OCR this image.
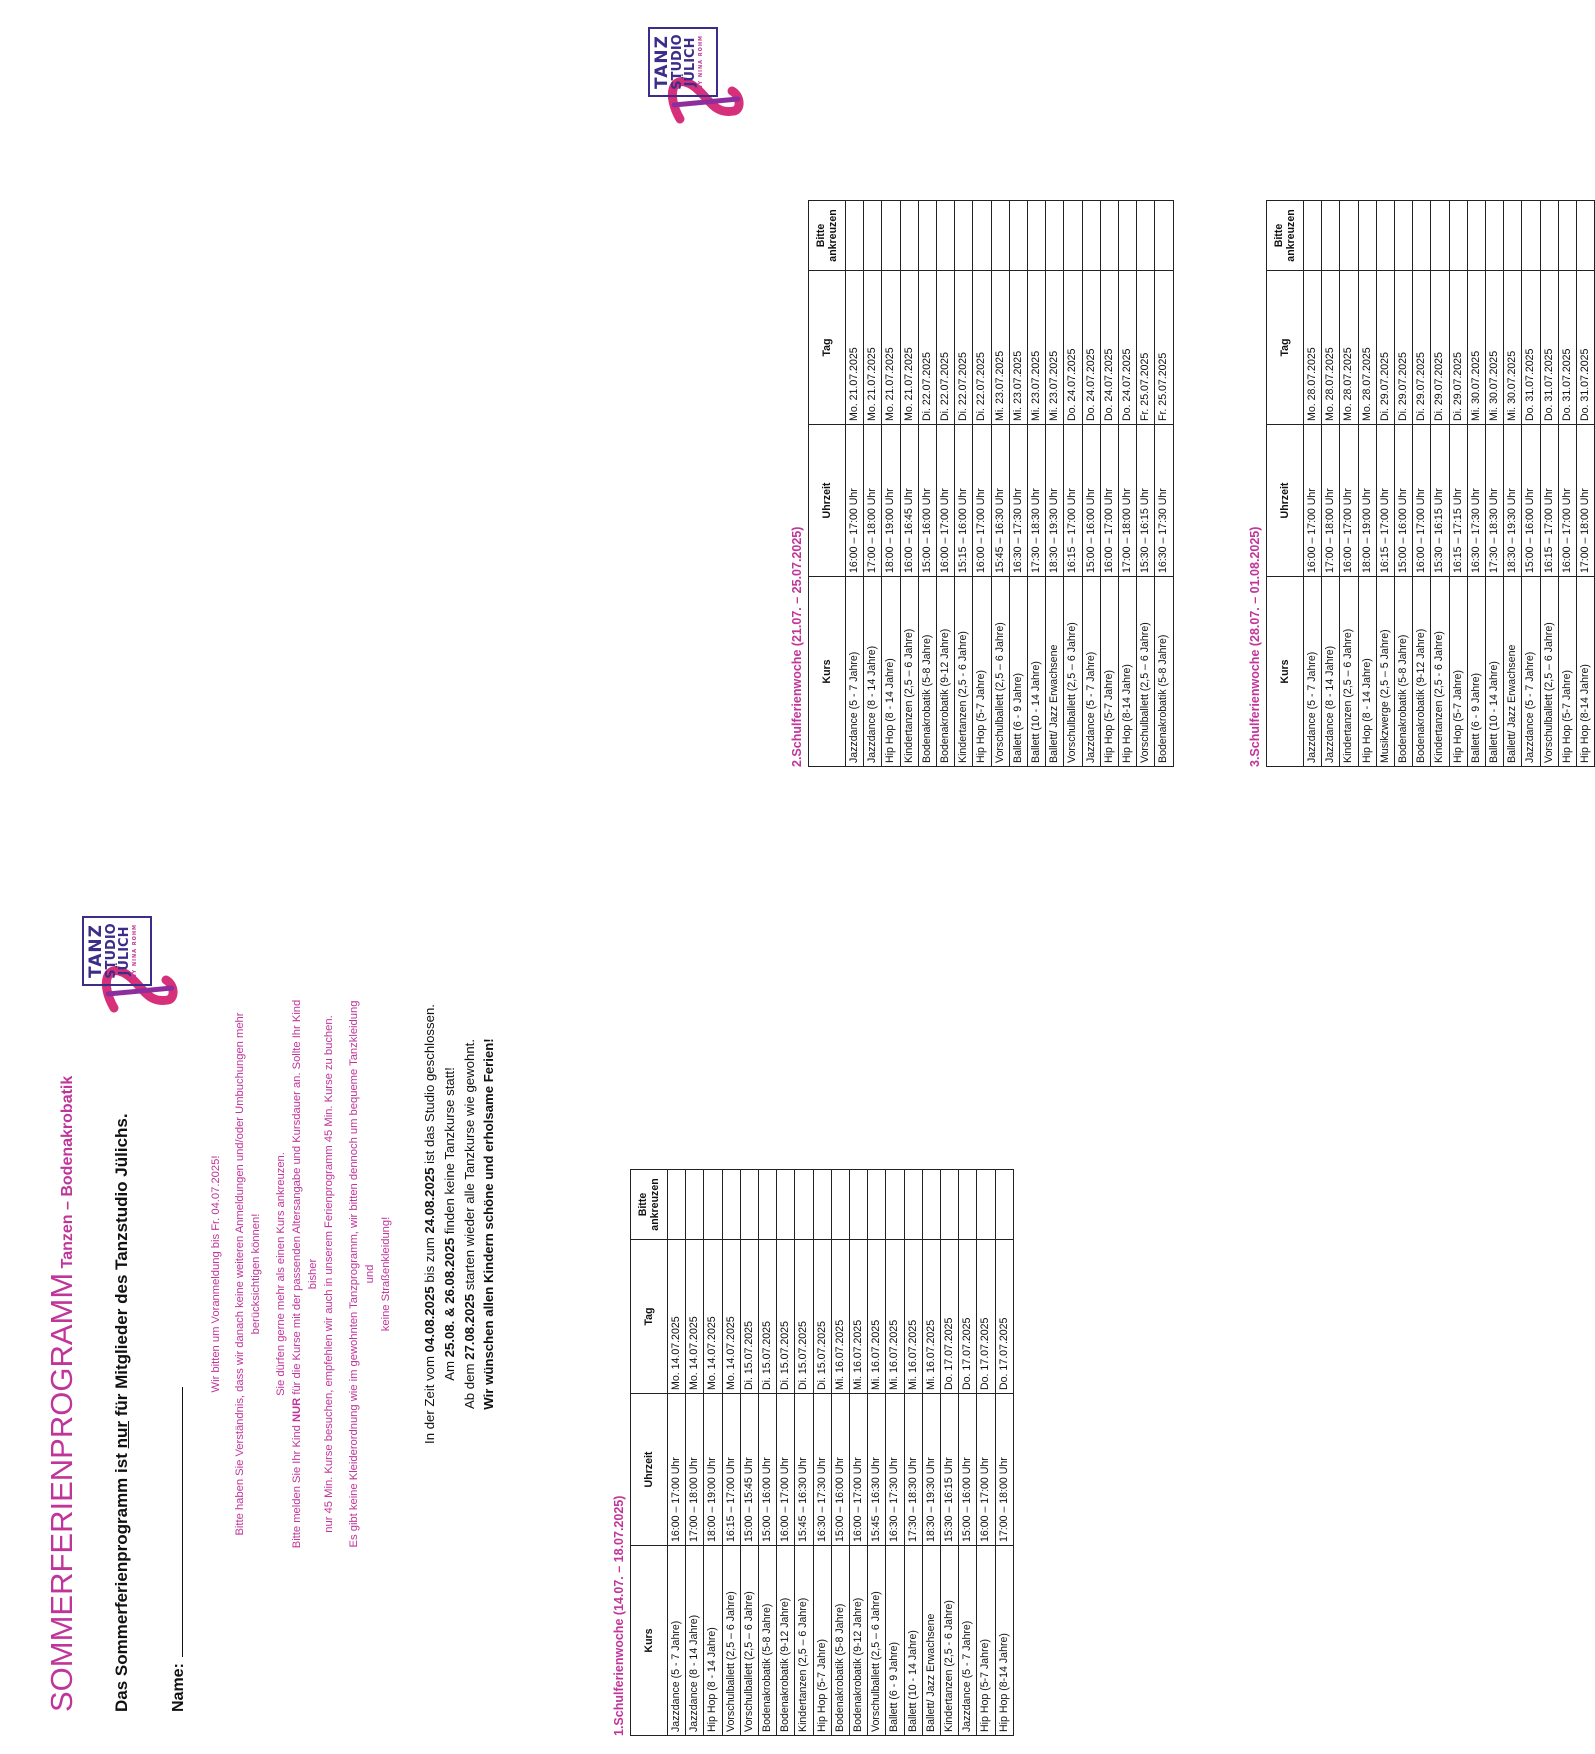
TANZ
STUDIO
JÜLICH BY NINA ROHM
SOMMERFERIENPROGRAMM Tanzen – Bodenakrobatik
Das Sommerferienprogramm ist nur für Mitglieder des Tanzstudio Jülichs.
Name:

Wir bitten um Voranmeldung bis Fr. 04.07.2025! Bitte haben Sie Verständnis, dass wir danach keine weiteren Anmeldungen und/oder Umbuchungen mehr berücksichtigen können! Sie dürfen gerne mehr als einen Kurs ankreuzen.

Bitte melden Sie Ihr Kind NUR für die Kurse mit der passenden Altersangabe und Kursdauer an. Sollte Ihr Kind bisher nur 45 Min. Kurse besuchen, empfehlen wir auch in unserem Ferienprogramm 45 Min. Kurse zu buchen. Es gibt keine Kleiderordnung wie im gewohnten Tanzprogramm, wir bitten dennoch um bequeme Tanzkleidung und keine Straßenkleidung!

In der Zeit vom 04.08.2025 bis zum 24.08.2025 ist das Studio geschlossen.
Am 25.08. & 26.08.2025 finden keine Tanzkurse statt!
Ab dem 27.08.2025 starten wieder alle Tanzkurse wie gewohnt. Wir wünschen allen Kindern schöne und erholsame Ferien!
1.Schulferienwoche (14.07. – 18.07.2025) Kurs	Uhrzeit	Tag	Bitte
ankreuzen
Jazzdance (5 - 7 Jahre)	16:00 – 17:00 Uhr	Mo. 14.07.2025	
Jazzdance (8 - 14 Jahre)	17:00 – 18:00 Uhr	Mo. 14.07.2025	
Hip Hop (8 - 14 Jahre)	18:00 – 19:00 Uhr	Mo. 14.07.2025	
Vorschulballett (2,5 – 6 Jahre)	16:15 – 17:00 Uhr	Mo. 14.07.2025	
Vorschulballett (2,5 – 6 Jahre)	15:00 – 15:45 Uhr	Di. 15.07.2025	
Bodenakrobatik (5-8 Jahre)	15:00 – 16:00 Uhr	Di. 15.07.2025	
Bodenakrobatik (9-12 Jahre)	16:00 – 17:00 Uhr	Di. 15.07.2025	
Kindertanzen (2,5 – 6 Jahre)	15:45 – 16:30 Uhr	Di. 15.07.2025	
Hip Hop (5-7 Jahre)	16:30 – 17:30 Uhr	Di. 15.07.2025	
Bodenakrobatik (5-8 Jahre)	15:00 – 16:00 Uhr	Mi. 16.07.2025	
Bodenakrobatik (9-12 Jahre)	16:00 – 17:00 Uhr	Mi. 16.07.2025	
Vorschulballett (2,5 – 6 Jahre)	15:45 – 16:30 Uhr	Mi. 16.07.2025	
Ballett (6 - 9 Jahre)	16:30 – 17:30 Uhr	Mi. 16.07.2025	
Ballett (10 - 14 Jahre)	17:30 – 18:30 Uhr	Mi. 16.07.2025	
Ballett/ Jazz Erwachsene	18:30 – 19:30 Uhr	Mi. 16.07.2025	
Kindertanzen (2,5 - 6 Jahre)	15:30 – 16:15 Uhr	Do. 17.07.2025	
Jazzdance (5 - 7 Jahre)	15:00 – 16:00 Uhr	Do. 17.07.2025	
Hip Hop (5-7 Jahre)	16:00 – 17:00 Uhr	Do. 17.07.2025	
Hip Hop (8-14 Jahre)	17:00 – 18:00 Uhr	Do. 17.07.2025	
TANZ
STUDIO
JÜLICH BY NINA ROHM
2.Schulferienwoche (21.07. – 25.07.2025) Kurs	Uhrzeit	Tag	Bitte
ankreuzen
Jazzdance (5 - 7 Jahre)	16:00 – 17:00 Uhr	Mo. 21.07.2025	
Jazzdance (8 - 14 Jahre)	17:00 – 18:00 Uhr	Mo. 21.07.2025	
Hip Hop (8 - 14 Jahre)	18:00 – 19:00 Uhr	Mo. 21.07.2025	
Kindertanzen (2,5 – 6 Jahre)	16:00 – 16:45 Uhr	Mo. 21.07.2025	
Bodenakrobatik (5-8 Jahre)	15:00 – 16:00 Uhr	Di. 22.07.2025	
Bodenakrobatik (9-12 Jahre)	16:00 – 17:00 Uhr	Di. 22.07.2025	
Kindertanzen (2,5 - 6 Jahre)	15:15 – 16:00 Uhr	Di. 22.07.2025	
Hip Hop (5-7 Jahre)	16:00 – 17:00 Uhr	Di. 22.07.2025	
Vorschulballett (2,5 – 6 Jahre)	15:45 – 16:30 Uhr	Mi. 23.07.2025	
Ballett (6 - 9 Jahre)	16:30 – 17:30 Uhr	Mi. 23.07.2025	
Ballett (10 - 14 Jahre)	17:30 – 18:30 Uhr	Mi. 23.07.2025	
Ballett/ Jazz Erwachsene	18:30 – 19:30 Uhr	Mi. 23.07.2025	
Vorschulballett (2,5 – 6 Jahre)	16:15 – 17:00 Uhr	Do. 24.07.2025	
Jazzdance (5 - 7 Jahre)	15:00 – 16:00 Uhr	Do. 24.07.2025	
Hip Hop (5-7 Jahre)	16:00 – 17:00 Uhr	Do. 24.07.2025	
Hip Hop (8-14 Jahre)	17:00 – 18:00 Uhr	Do. 24.07.2025	
Vorschulballett (2,5 – 6 Jahre)	15:30 – 16:15 Uhr	Fr. 25.07.2025	
Bodenakrobatik (5-8 Jahre)	16:30 – 17:30 Uhr	Fr. 25.07.2025	
3.Schulferienwoche (28.07. – 01.08.2025) Kurs	Uhrzeit	Tag	Bitte
ankreuzen
Jazzdance (5 - 7 Jahre)	16:00 – 17:00 Uhr	Mo. 28.07.2025	
Jazzdance (8 - 14 Jahre)	17:00 – 18:00 Uhr	Mo. 28.07.2025	
Kindertanzen (2,5 – 6 Jahre)	16:00 – 17:00 Uhr	Mo. 28.07.2025	
Hip Hop (8 - 14 Jahre)	18:00 – 19:00 Uhr	Mo. 28.07.2025	
Musikzwerge (2,5 – 5 Jahre)	16:15 – 17:00 Uhr	Di. 29.07.2025	
Bodenakrobatik (5-8 Jahre)	15:00 – 16:00 Uhr	Di. 29.07.2025	
Bodenakrobatik (9-12 Jahre)	16:00 – 17:00 Uhr	Di. 29.07.2025	
Kindertanzen (2,5 - 6 Jahre)	15:30 – 16:15 Uhr	Di. 29.07.2025	
Hip Hop (5-7 Jahre)	16:15 – 17:15 Uhr	Di. 29.07.2025	
Ballett (6 - 9 Jahre)	16:30 – 17:30 Uhr	Mi. 30.07.2025	
Ballett (10 - 14 Jahre)	17:30 – 18:30 Uhr	Mi. 30.07.2025	
Ballett/ Jazz Erwachsene	18:30 – 19:30 Uhr	Mi. 30.07.2025	
Jazzdance (5 - 7 Jahre)	15:00 – 16:00 Uhr	Do. 31.07.2025	
Vorschulballett (2,5 – 6 Jahre)	16:15 – 17:00 Uhr	Do. 31.07.2025	
Hip Hop (5-7 Jahre)	16:00 – 17:00 Uhr	Do. 31.07.2025	
Hip Hop (8-14 Jahre)	17:00 – 18:00 Uhr	Do. 31.07.2025	
